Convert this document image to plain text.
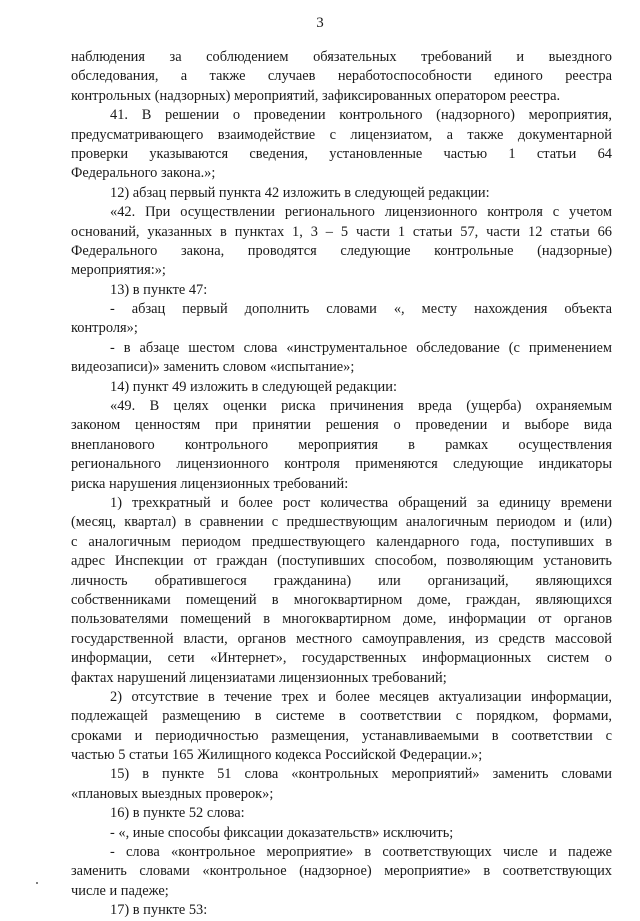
3
наблюдения за соблюдением обязательных требований и выездного
обследования, а также случаев неработоспособности единого реестра
контрольных (надзорных) мероприятий, зафиксированных оператором реестра.
41. В решении о проведении контрольного (надзорного) мероприятия,
предусматривающего взаимодействие с лицензиатом, а также документарной
проверки указываются сведения, установленные частью 1 статьи 64
Федерального закона.»;
12) абзац первый пункта 42 изложить в следующей редакции:
«42. При осуществлении регионального лицензионного контроля с учетом
оснований, указанных в пунктах 1, 3 – 5 части 1 статьи 57, части 12 статьи 66
Федерального закона, проводятся следующие контрольные (надзорные)
мероприятия:»;
13) в пункте 47:
- абзац первый дополнить словами «, месту нахождения объекта
контроля»;
- в абзаце шестом слова «инструментальное обследование (с применением
видеозаписи)» заменить словом «испытание»;
14) пункт 49 изложить в следующей редакции:
«49. В целях оценки риска причинения вреда (ущерба) охраняемым
законом ценностям при принятии решения о проведении и выборе вида
внепланового контрольного мероприятия в рамках осуществления
регионального лицензионного контроля применяются следующие индикаторы
риска нарушения лицензионных требований:
1) трехкратный и более рост количества обращений за единицу времени
(месяц, квартал) в сравнении с предшествующим аналогичным периодом и (или)
с аналогичным периодом предшествующего календарного года, поступивших в
адрес Инспекции от граждан (поступивших способом, позволяющим установить
личность обратившегося гражданина) или организаций, являющихся
собственниками помещений в многоквартирном доме, граждан, являющихся
пользователями помещений в многоквартирном доме, информации от органов
государственной власти, органов местного самоуправления, из средств массовой
информации, сети «Интернет», государственных информационных систем о
фактах нарушений лицензиатами лицензионных требований;
2) отсутствие в течение трех и более месяцев актуализации информации,
подлежащей размещению в системе в соответствии с порядком, формами,
сроками и периодичностью размещения, устанавливаемыми в соответствии с
частью 5 статьи 165 Жилищного кодекса Российской Федерации.»;
15) в пункте 51 слова «контрольных мероприятий» заменить словами
«плановых выездных проверок»;
16) в пункте 52 слова:
- «, иные способы фиксации доказательств» исключить;
- слова «контрольное мероприятие» в соответствующих числе и падеже
заменить словами «контрольное (надзорное) мероприятие» в соответствующих
числе и падеже;
17) в пункте 53:
